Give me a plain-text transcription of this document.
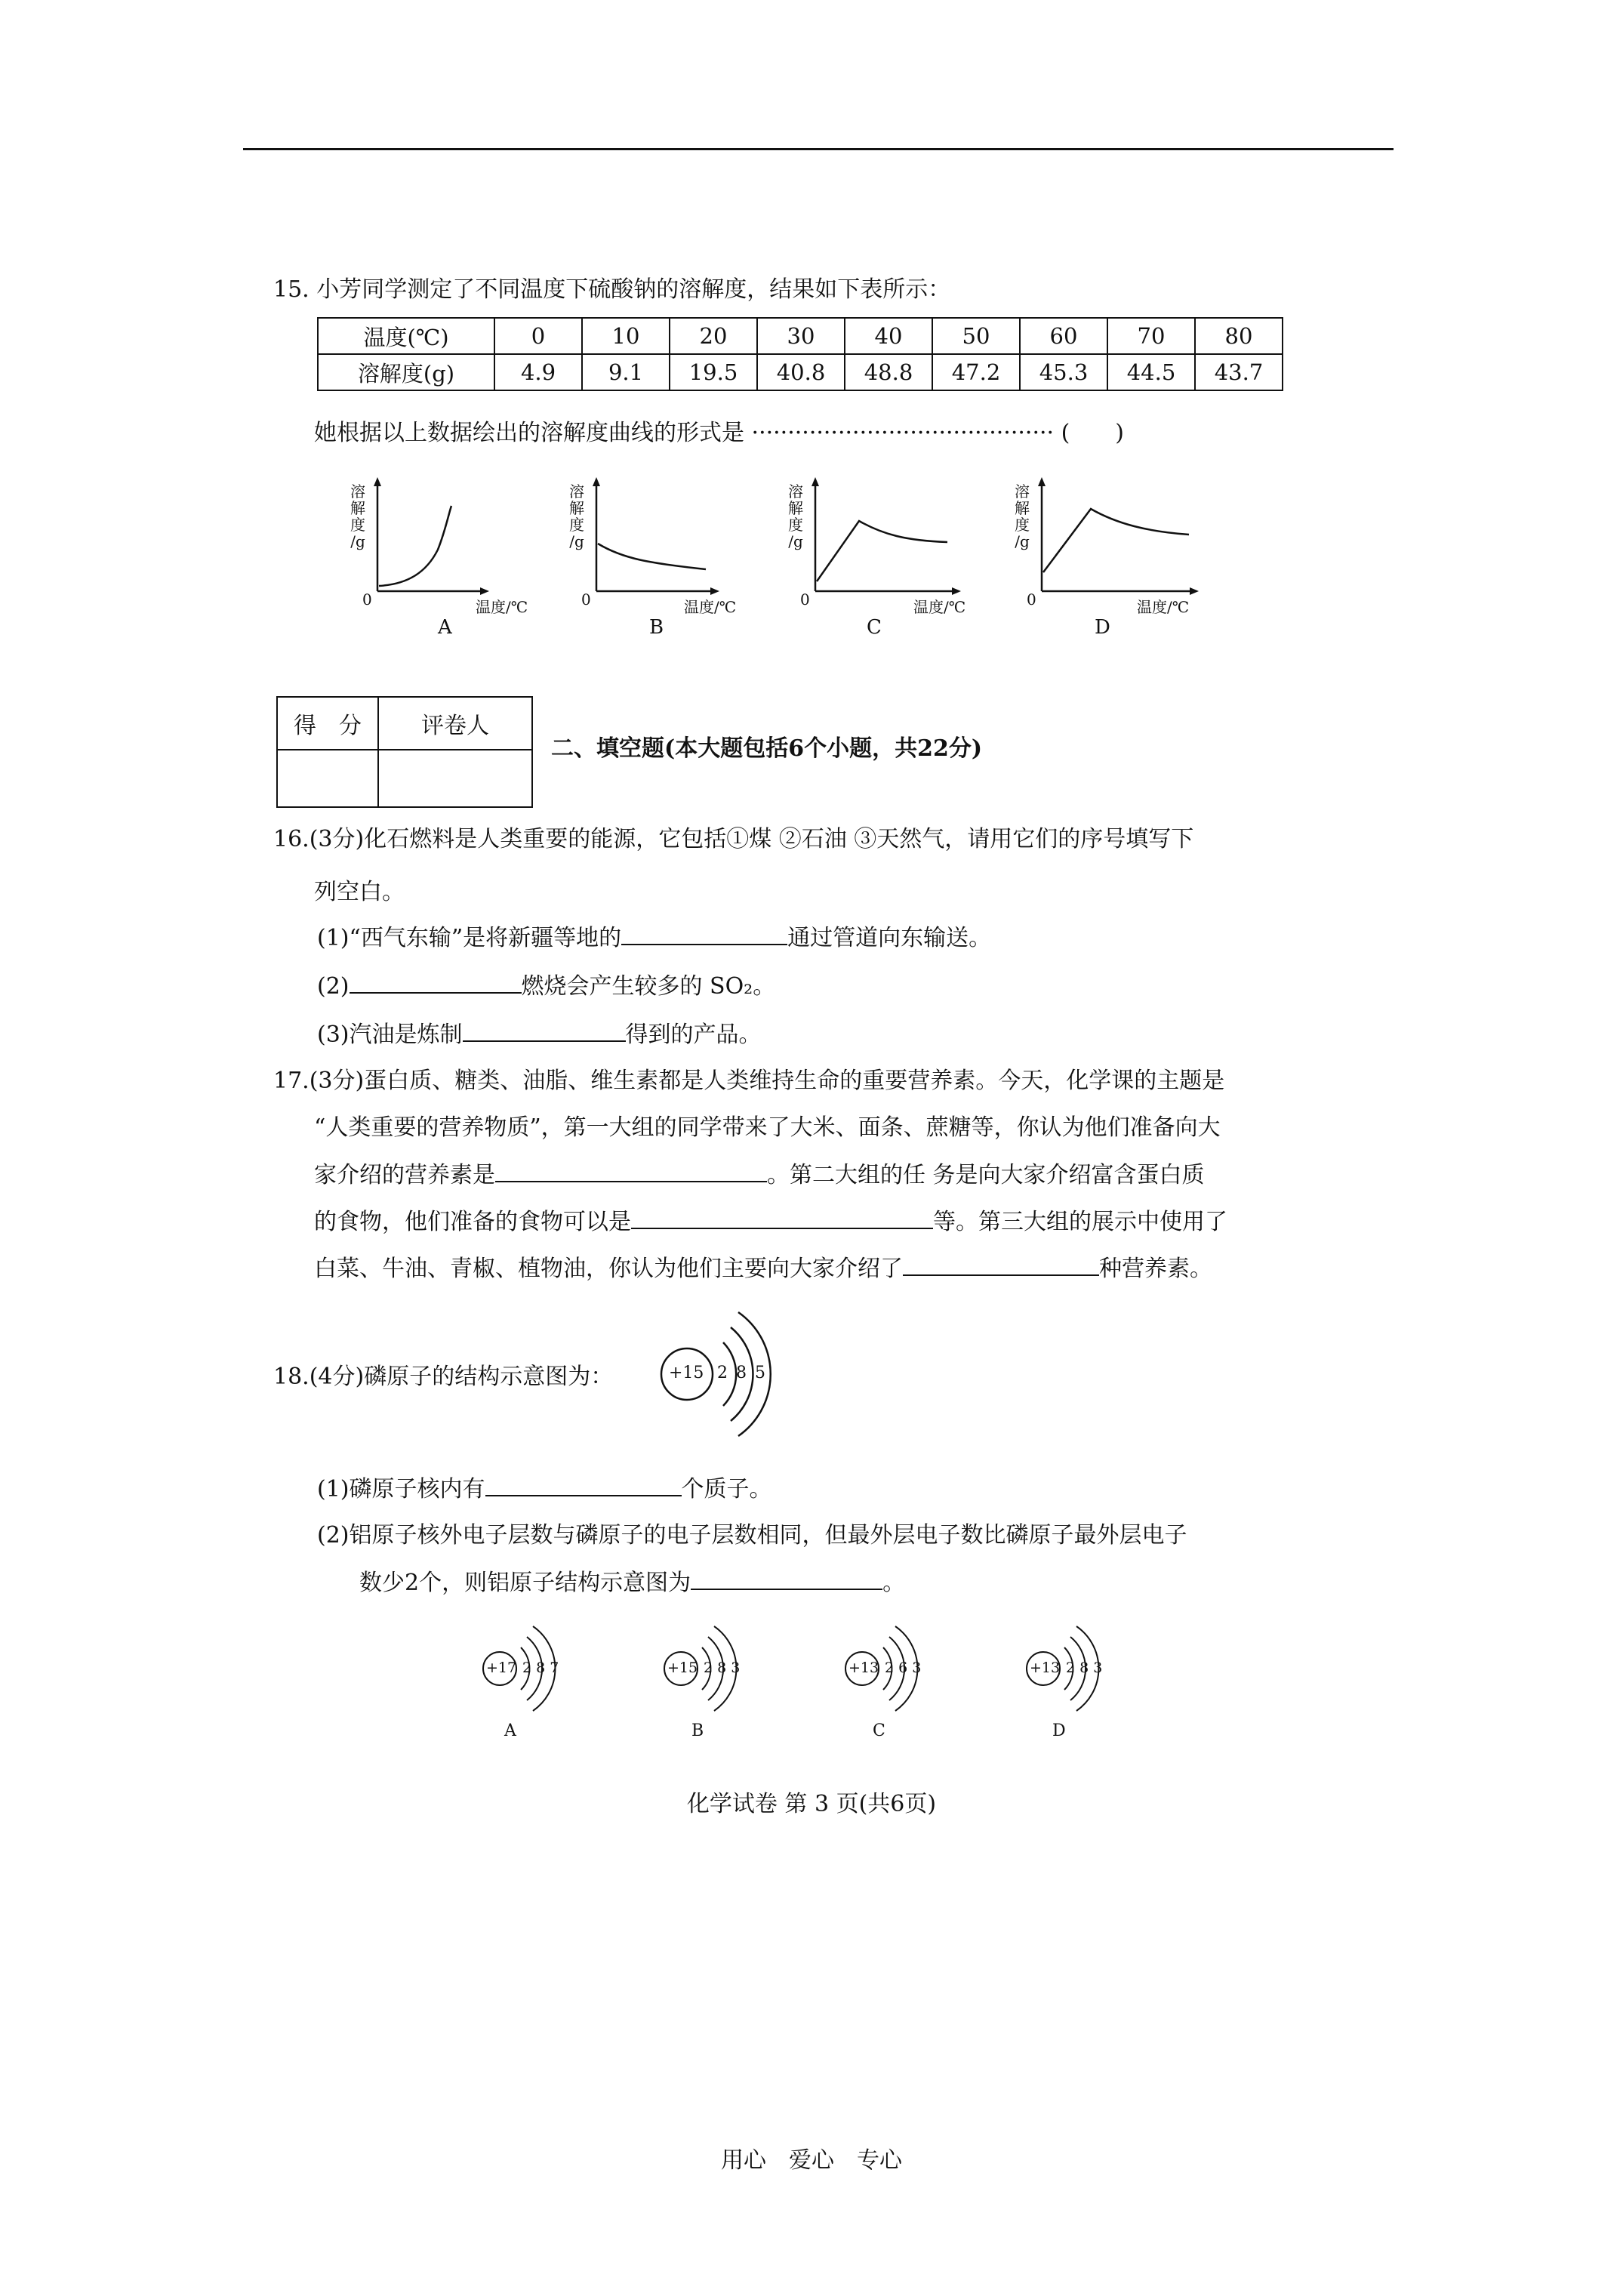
15. 小芳同学测定了不同温度下硫酸钠的溶解度，结果如下表所示：
温度(℃)	0	10	20	30	40	50	60	70	80
溶解度(g)	4.9	9.1	19.5	40.8	48.8	47.2	45.3	44.5	43.7
她根据以上数据绘出的溶解度曲线的形式是 ·········································· (　　)
溶
解
度
/g
0	温度/℃
A
溶
解
度
/g
0	温度/℃
B
溶
解
度
/g
0	温度/℃
C
溶
解
度
/g
0	温度/℃
D
得　分	评卷人

二、填空题(本大题包括6个小题，共22分)
16.(3分)化石燃料是人类重要的能源，它包括①煤 ②石油 ③天然气，请用它们的序号填写下
列空白。
(1)“西气东输”是将新疆等地的	通过管道向东输送。
(2)	燃烧会产生较多的 SO₂。
(3)汽油是炼制	得到的产品。
17.(3分)蛋白质、糖类、油脂、维生素都是人类维持生命的重要营养素。今天，化学课的主题是
“人类重要的营养物质”，第一大组的同学带来了大米、面条、蔗糖等，你认为他们准备向大
家介绍的营养素是	。第二大组的任 务是向大家介绍富含蛋白质
的食物，他们准备的食物可以是	等。第三大组的展示中使用了
白菜、牛油、青椒、植物油，你认为他们主要向大家介绍了	种营养素。
18.(4分)磷原子的结构示意图为：	+15 2 8 5
(1)磷原子核内有	个质子。
(2)铝原子核外电子层数与磷原子的电子层数相同，但最外层电子数比磷原子最外层电子
数少2个，则铝原子结构示意图为	。
+17 2 8 7
A
+15 2 8 3
B
+13 2 6 3
C
+13 2 8 3
D
化学试卷 第 3 页(共6页)
用心　爱心　专心
